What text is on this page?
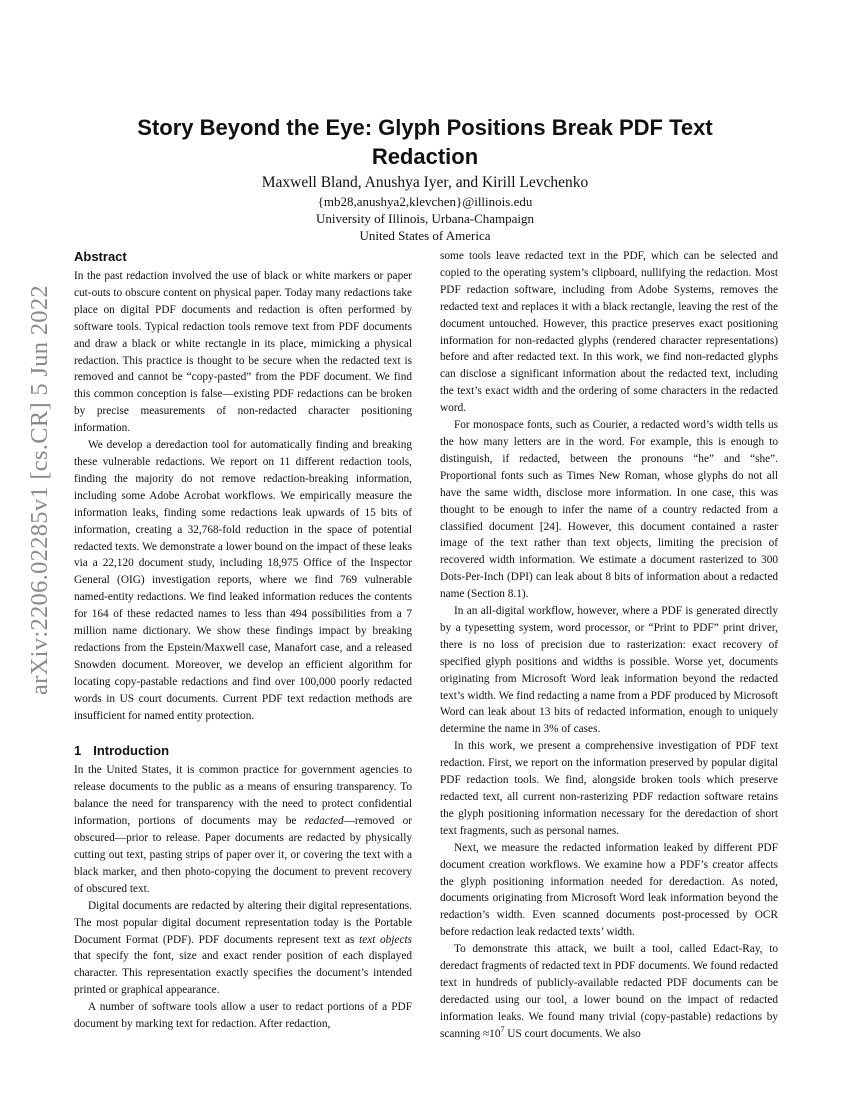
arXiv:2206.02285v1 [cs.CR] 5 Jun 2022
Story Beyond the Eye: Glyph Positions Break PDF Text Redaction
Maxwell Bland, Anushya Iyer, and Kirill Levchenko
{mb28,anushya2,klevchen}@illinois.edu
University of Illinois, Urbana-Champaign
United States of America
Abstract

In the past redaction involved the use of black or white markers or paper cut-outs to obscure content on physical paper. Today many redactions take place on digital PDF documents and redaction is often performed by software tools. Typical redaction tools remove text from PDF documents and draw a black or white rectangle in its place, mimicking a physical redaction. This practice is thought to be secure when the redacted text is removed and cannot be “copy-pasted” from the PDF document. We find this common conception is false—existing PDF redactions can be broken by precise measurements of non-redacted character positioning information.

We develop a deredaction tool for automatically finding and breaking these vulnerable redactions. We report on 11 different redaction tools, finding the majority do not remove redaction-breaking information, including some Adobe Acrobat workflows. We empirically measure the information leaks, finding some redactions leak upwards of 15 bits of information, creating a 32,768-fold reduction in the space of potential redacted texts. We demonstrate a lower bound on the impact of these leaks via a 22,120 document study, including 18,975 Office of the Inspector General (OIG) investigation reports, where we find 769 vulnerable named-entity redactions. We find leaked information reduces the contents for 164 of these redacted names to less than 494 possibilities from a 7 million name dictionary. We show these findings impact by breaking redactions from the Epstein/Maxwell case, Manafort case, and a released Snowden document. Moreover, we develop an efficient algorithm for locating copy-pastable redactions and find over 100,000 poorly redacted words in US court documents. Current PDF text redaction methods are insufficient for named entity protection.

1 Introduction

In the United States, it is common practice for government agencies to release documents to the public as a means of ensuring transparency. To balance the need for transparency with the need to protect confidential information, portions of documents may be redacted—removed or obscured—prior to release. Paper documents are redacted by physically cutting out text, pasting strips of paper over it, or covering the text with a black marker, and then photo-copying the document to prevent recovery of obscured text.

Digital documents are redacted by altering their digital representations. The most popular digital document representation today is the Portable Document Format (PDF). PDF documents represent text as text objects that specify the font, size and exact render position of each displayed character. This representation exactly specifies the document’s intended printed or graphical appearance.

A number of software tools allow a user to redact portions of a PDF document by marking text for redaction. After redaction,

some tools leave redacted text in the PDF, which can be selected and copied to the operating system’s clipboard, nullifying the redaction. Most PDF redaction software, including from Adobe Systems, removes the redacted text and replaces it with a black rectangle, leaving the rest of the document untouched. However, this practice preserves exact positioning information for non-redacted glyphs (rendered character representations) before and after redacted text. In this work, we find non-redacted glyphs can disclose a significant information about the redacted text, including the text’s exact width and the ordering of some characters in the redacted word.

For monospace fonts, such as Courier, a redacted word’s width tells us the how many letters are in the word. For example, this is enough to distinguish, if redacted, between the pronouns “he” and “she”. Proportional fonts such as Times New Roman, whose glyphs do not all have the same width, disclose more information. In one case, this was thought to be enough to infer the name of a country redacted from a classified document [24]. However, this document contained a raster image of the text rather than text objects, limiting the precision of recovered width information. We estimate a document rasterized to 300 Dots-Per-Inch (DPI) can leak about 8 bits of information about a redacted name (Section 8.1).

In an all-digital workflow, however, where a PDF is generated directly by a typesetting system, word processor, or “Print to PDF” print driver, there is no loss of precision due to rasterization: exact recovery of specified glyph positions and widths is possible. Worse yet, documents originating from Microsoft Word leak information beyond the redacted text’s width. We find redacting a name from a PDF produced by Microsoft Word can leak about 13 bits of redacted information, enough to uniquely determine the name in 3% of cases.

In this work, we present a comprehensive investigation of PDF text redaction. First, we report on the information preserved by popular digital PDF redaction tools. We find, alongside broken tools which preserve redacted text, all current non-rasterizing PDF redaction software retains the glyph positioning information necessary for the deredaction of short text fragments, such as personal names.

Next, we measure the redacted information leaked by different PDF document creation workflows. We examine how a PDF’s creator affects the glyph positioning information needed for deredaction. As noted, documents originating from Microsoft Word leak information beyond the redaction’s width. Even scanned documents post-processed by OCR before redaction leak redacted texts’ width.

To demonstrate this attack, we built a tool, called Edact-Ray, to deredact fragments of redacted text in PDF documents. We found redacted text in hundreds of publicly-available redacted PDF documents can be deredacted using our tool, a lower bound on the impact of redacted information leaks. We found many trivial (copy-pastable) redactions by scanning $\approx 10^7$ US court documents. We also
